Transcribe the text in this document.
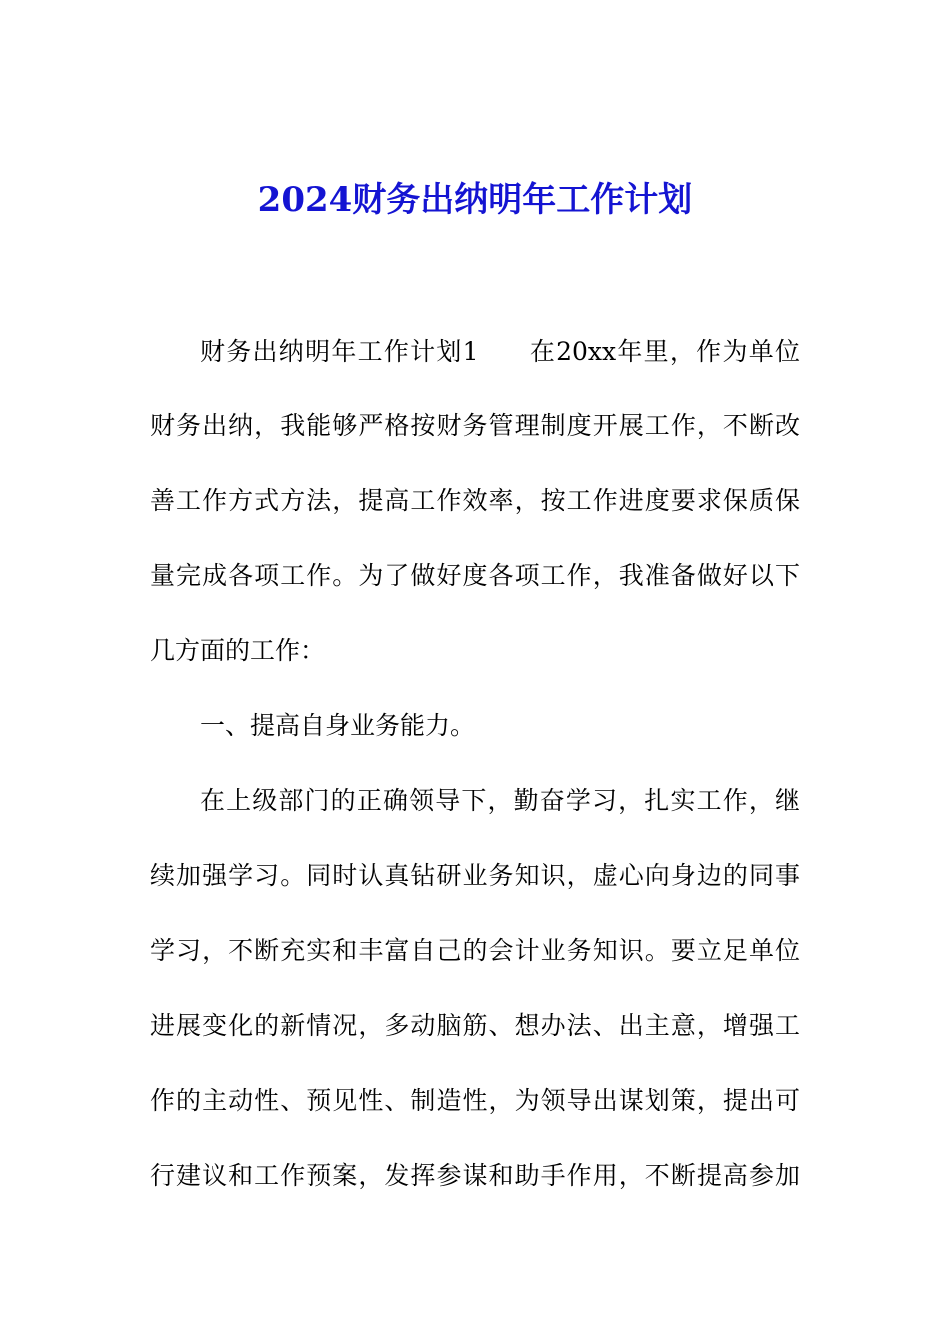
2024财务出纳明年工作计划

财务出纳明年工作计划1 在20xx年里，作为单位

财务出纳，我能够严格按财务管理制度开展工作，不断改

善工作方式方法，提高工作效率，按工作进度要求保质保

量完成各项工作。为了做好度各项工作，我准备做好以下

几方面的工作：

一、提高自身业务能力。

在上级部门的正确领导下，勤奋学习，扎实工作，继

续加强学习。同时认真钻研业务知识，虚心向身边的同事

学习，不断充实和丰富自己的会计业务知识。要立足单位

进展变化的新情况，多动脑筋、想办法、出主意，增强工

作的主动性、预见性、制造性，为领导出谋划策，提出可

行建议和工作预案，发挥参谋和助手作用，不断提高参加
